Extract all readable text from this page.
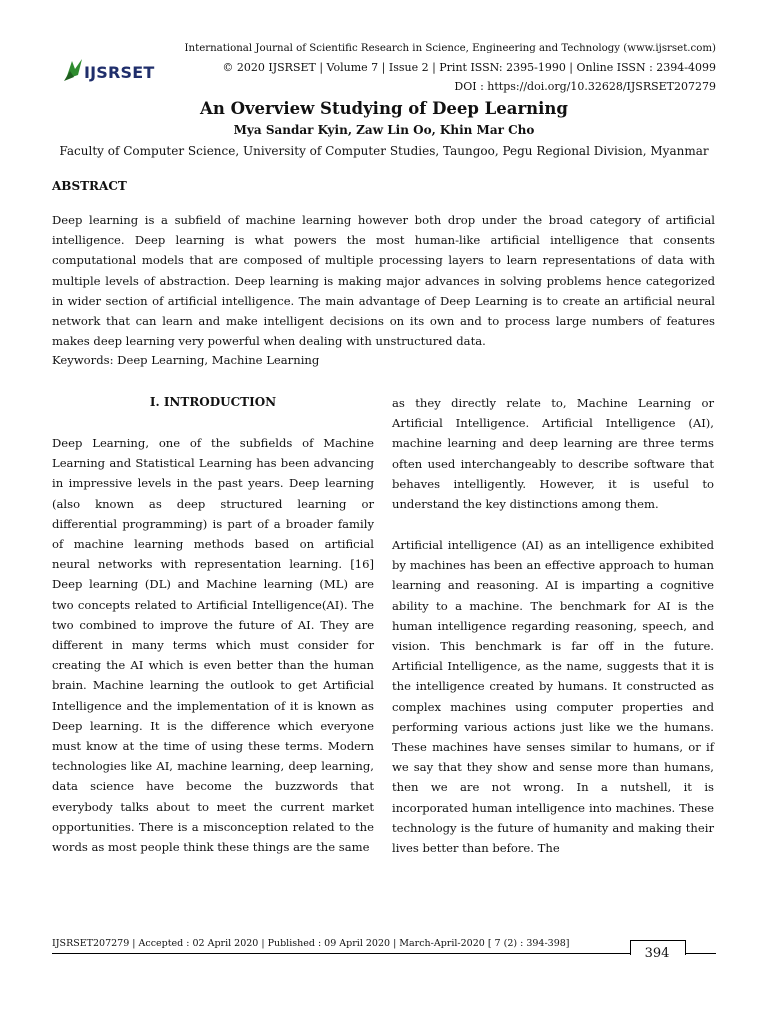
IJSRSET
International Journal of Scientific Research in Science, Engineering and Technology (www.ijsrset.com)
© 2020 IJSRSET | Volume 7 | Issue 2 | Print ISSN: 2395-1990 | Online ISSN : 2394-4099
DOI : https://doi.org/10.32628/IJSRSET207279
An Overview Studying of Deep Learning
Mya Sandar Kyin, Zaw Lin Oo, Khin Mar Cho
Faculty of Computer Science, University of Computer Studies, Taungoo, Pegu Regional Division, Myanmar
ABSTRACT
Deep learning is a subfield of machine learning however both drop under the broad category of artificial intelligence. Deep learning is what powers the most human-like artificial intelligence that consents computational models that are composed of multiple processing layers to learn representations of data with multiple levels of abstraction. Deep learning is making major advances in solving problems hence categorized in wider section of artificial intelligence. The main advantage of Deep Learning is to create an artificial neural network that can learn and make intelligent decisions on its own and to process large numbers of features makes deep learning very powerful when dealing with unstructured data.
Keywords: Deep Learning, Machine Learning
I. INTRODUCTION
Deep Learning, one of the subfields of Machine Learning and Statistical Learning has been advancing in impressive levels in the past years. Deep learning (also known as deep structured learning or differential programming) is part of a broader family of machine learning methods based on artificial neural networks with representation learning. [16] Deep learning (DL) and Machine learning (ML) are two concepts related to Artificial Intelligence(AI). The two combined to improve the future of AI. They are different in many terms which must consider for creating the AI which is even better than the human brain. Machine learning the outlook to get Artificial Intelligence and the implementation of it is known as Deep learning. It is the difference which everyone must know at the time of using these terms. Modern technologies like AI, machine learning, deep learning, data science have become the buzzwords that everybody talks about to meet the current market opportunities. There is a misconception related to the words as most people think these things are the same
as they directly relate to, Machine Learning or Artificial Intelligence. Artificial Intelligence (AI), machine learning and deep learning are three terms often used interchangeably to describe software that behaves intelligently. However, it is useful to understand the key distinctions among them.
Artificial intelligence (AI) as an intelligence exhibited by machines has been an effective approach to human learning and reasoning. AI is imparting a cognitive ability to a machine. The benchmark for AI is the human intelligence regarding reasoning, speech, and vision. This benchmark is far off in the future. Artificial Intelligence, as the name, suggests that it is the intelligence created by humans. It constructed as complex machines using computer properties and performing various actions just like we the humans. These machines have senses similar to humans, or if we say that they show and sense more than humans, then we are not wrong. In a nutshell, it is incorporated human intelligence into machines. These technology is the future of humanity and making their lives better than before. The
IJSRSET207279 | Accepted : 02 April 2020 | Published : 09 April 2020 | March-April-2020 [ 7 (2) : 394-398]
394
